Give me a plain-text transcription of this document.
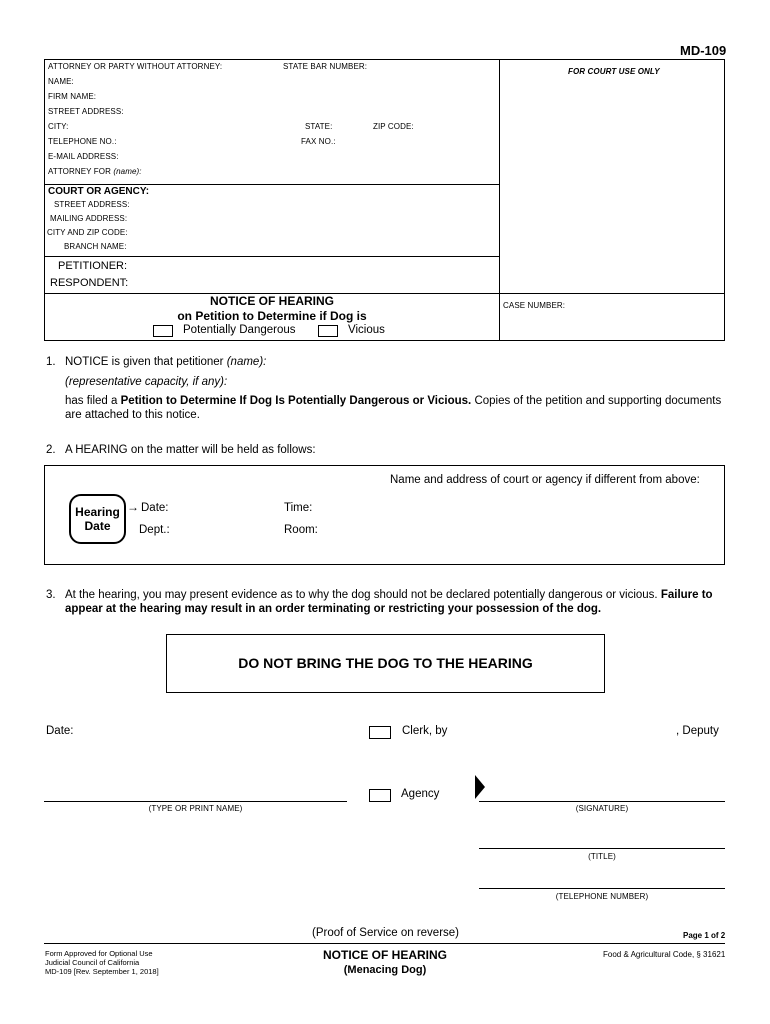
MD-109
ATTORNEY OR PARTY WITHOUT ATTORNEY:	STATE BAR NUMBER:
FOR COURT USE ONLY
NAME:
FIRM NAME:
STREET ADDRESS:
CITY:	STATE:	ZIP CODE:
TELEPHONE NO.:	FAX NO.:
E-MAIL ADDRESS:
ATTORNEY FOR (name):
COURT OR AGENCY:
STREET ADDRESS:
MAILING ADDRESS:
CITY AND ZIP CODE:
BRANCH NAME:
PETITIONER:
RESPONDENT:
NOTICE OF HEARING
on Petition to Determine if Dog is
Potentially Dangerous	Vicious
CASE NUMBER:
1. NOTICE is given that petitioner (name):
(representative capacity, if any):
has filed a Petition to Determine If Dog Is Potentially Dangerous or Vicious. Copies of the petition and supporting documents
are attached to this notice.
2. A HEARING on the matter will be held as follows:
Name and address of court or agency if different from above:
Hearing
Date
→ Date:	Time:
Dept.:	Room:
3. At the hearing, you may present evidence as to why the dog should not be declared potentially dangerous or vicious. Failure to
appear at the hearing may result in an order terminating or restricting your possession of the dog.
DO NOT BRING THE DOG TO THE HEARING
Date:	Clerk, by	, Deputy
Agency
(TYPE OR PRINT NAME)	(SIGNATURE)
(TITLE)
(TELEPHONE NUMBER)
(Proof of Service on reverse)	Page 1 of 2
Form Approved for Optional Use
Judicial Council of California
MD-109 [Rev. September 1, 2018]
NOTICE OF HEARING
(Menacing Dog)
Food & Agricultural Code, § 31621
